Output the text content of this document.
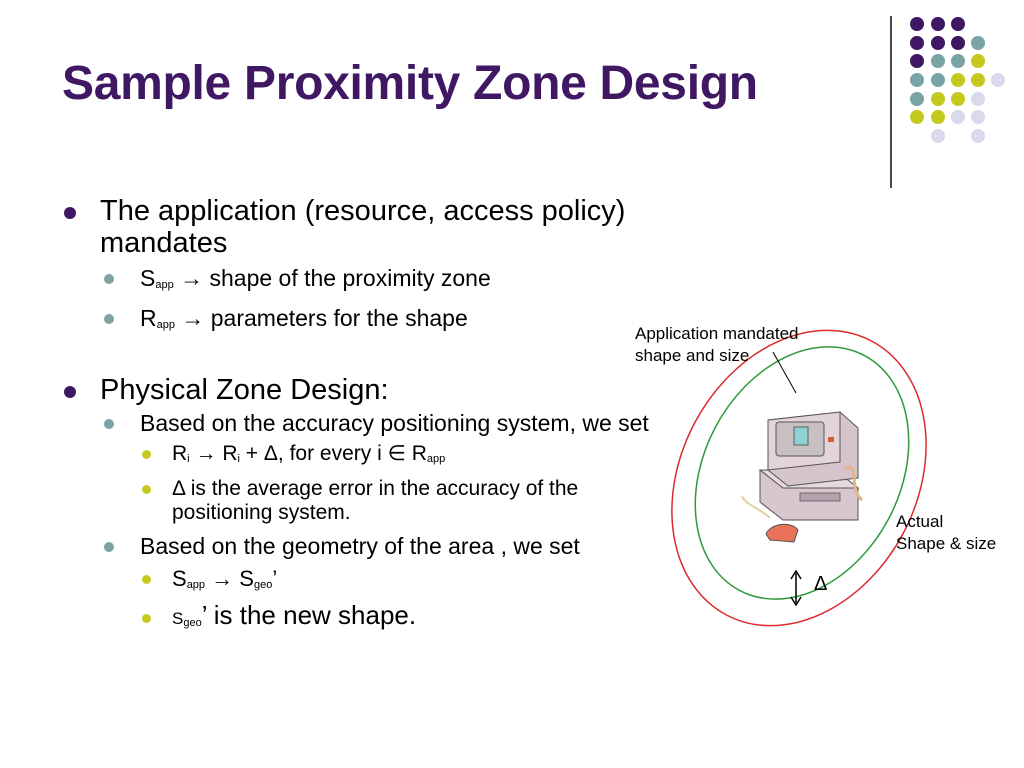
Sample Proximity Zone Design
The application (resource, access policy) mandates
$S_{app}$ → shape of the proximity zone
$R_{app}$ → parameters for the shape
Physical Zone Design:
Based on the accuracy positioning system, we set
$R_i \to R_i + \Delta$, for every i ∈ $R_{app}$
Δ is the average error in the accuracy of the positioning system.
Based on the geometry of the area , we set
$S_{app} \to S_{geo}$’
$S_{geo}$’ is the new shape.
Application mandated
shape and size
Actual
Shape & size
Δ
